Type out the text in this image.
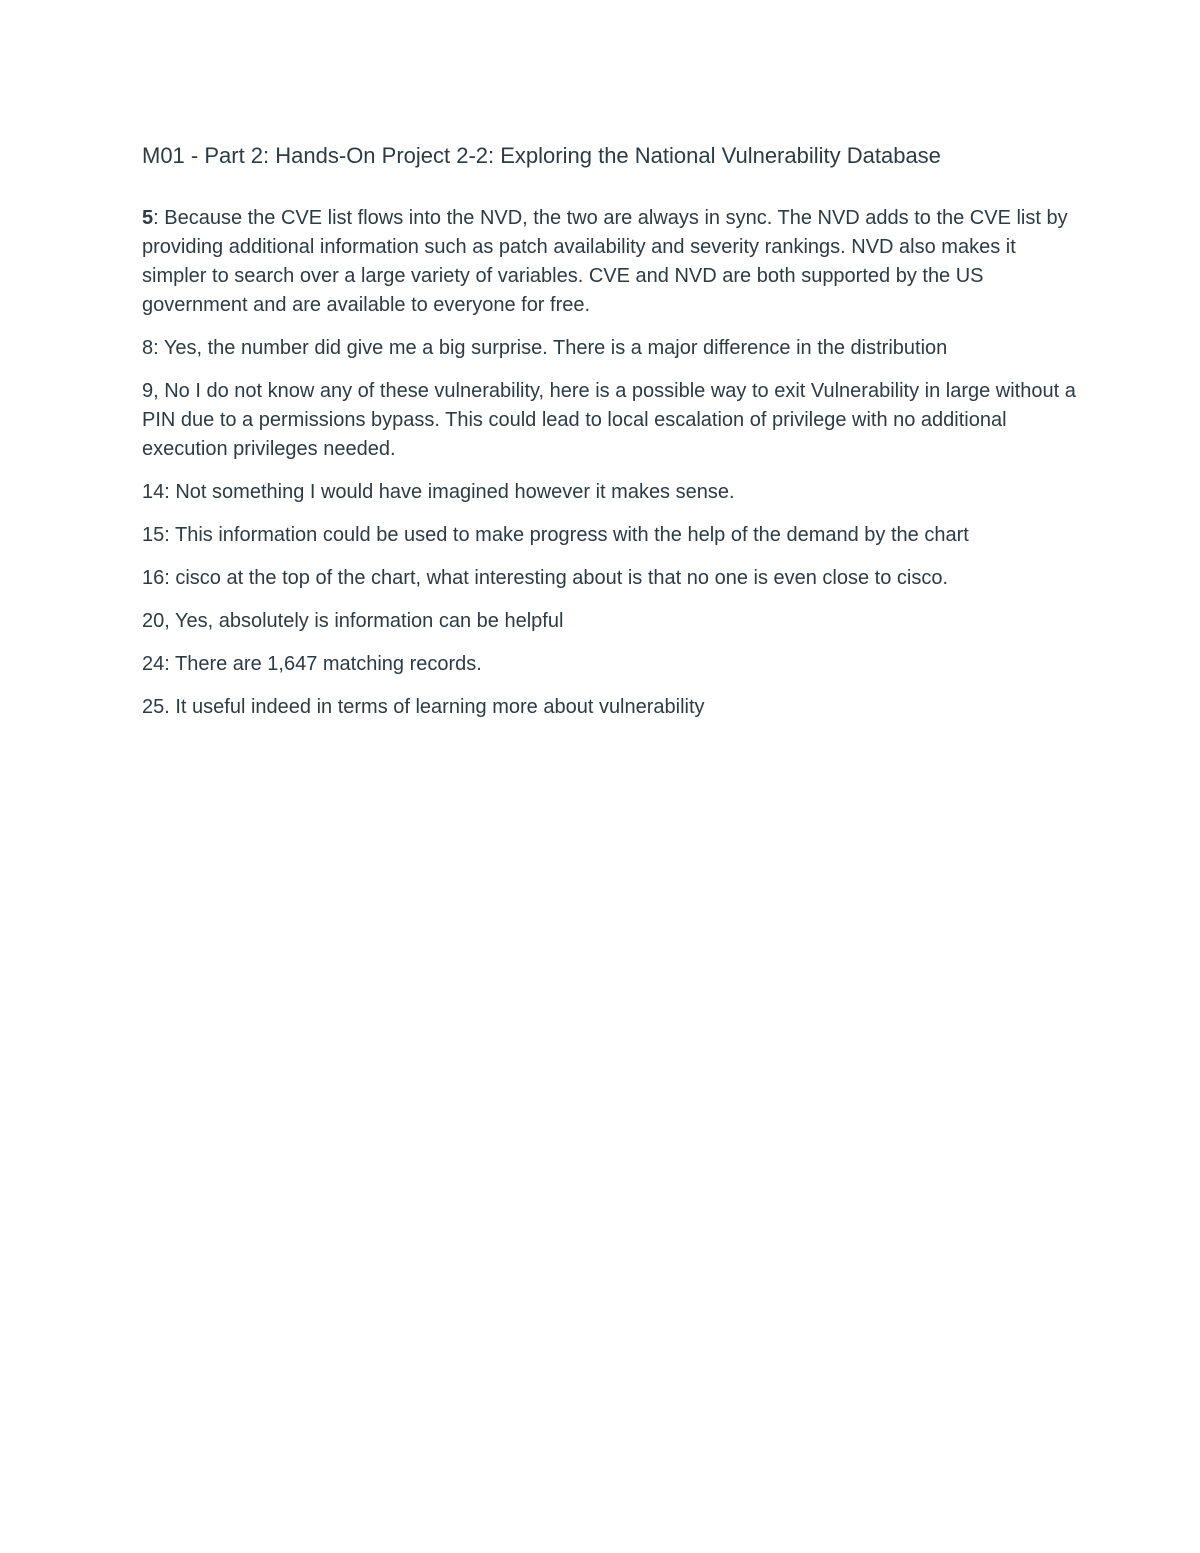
M01 - Part 2: Hands-On Project 2-2: Exploring the National Vulnerability Database

5: Because the CVE list flows into the NVD, the two are always in sync. The NVD adds to the CVE list by providing additional information such as patch availability and severity rankings. NVD also makes it simpler to search over a large variety of variables. CVE and NVD are both supported by the US government and are available to everyone for free.

8: Yes, the number did give me a big surprise. There is a major difference in the distribution

9, No I do not know any of these vulnerability, here is a possible way to exit Vulnerability in large without a PIN due to a permissions bypass. This could lead to local escalation of privilege with no additional execution privileges needed.

14: Not something I would have imagined however it makes sense.

15: This information could be used to make progress with the help of the demand by the chart

16: cisco at the top of the chart, what interesting about is that no one is even close to cisco.

20, Yes, absolutely is information can be helpful

24: There are 1,647 matching records.

25. It useful indeed in terms of learning more about vulnerability
